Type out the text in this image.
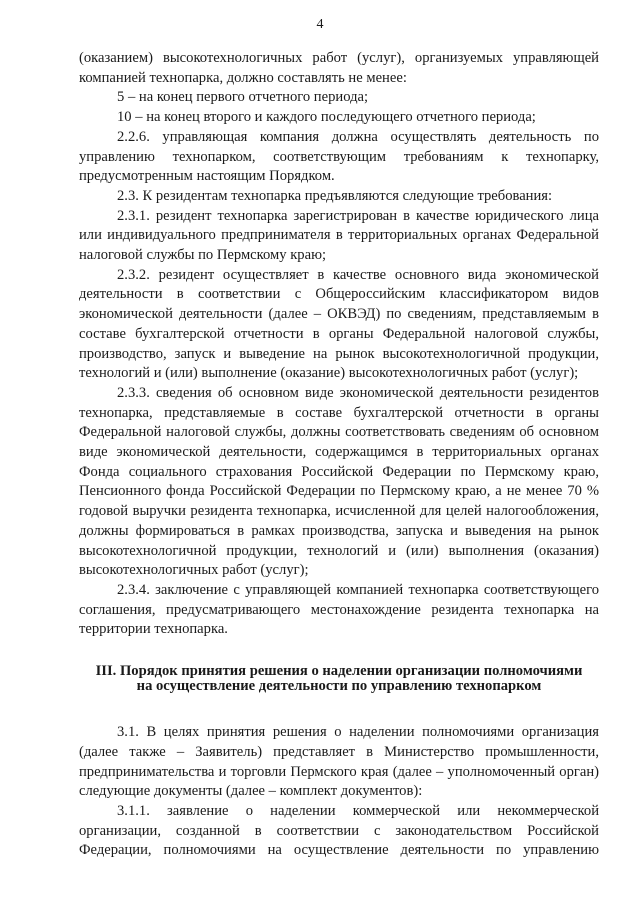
4

(оказанием) высокотехнологичных работ (услуг), организуемых управляющей компанией технопарка, должно составлять не менее:

5 – на конец первого отчетного периода;

10 – на конец второго и каждого последующего отчетного периода;

2.2.6. управляющая компания должна осуществлять деятельность по управлению технопарком, соответствующим требованиям к технопарку, предусмотренным настоящим Порядком.

2.3. К резидентам технопарка предъявляются следующие требования:

2.3.1. резидент технопарка зарегистрирован в качестве юридического лица или индивидуального предпринимателя в территориальных органах Федеральной налоговой службы по Пермскому краю;

2.3.2. резидент осуществляет в качестве основного вида экономической деятельности в соответствии с Общероссийским классификатором видов экономической деятельности (далее – ОКВЭД) по сведениям, представляемым в составе бухгалтерской отчетности в органы Федеральной налоговой службы, производство, запуск и выведение на рынок высокотехнологичной продукции, технологий и (или) выполнение (оказание) высокотехнологичных работ (услуг);

2.3.3. сведения об основном виде экономической деятельности резидентов технопарка, представляемые в составе бухгалтерской отчетности в органы Федеральной налоговой службы, должны соответствовать сведениям об основном виде экономической деятельности, содержащимся в территориальных органах Фонда социального страхования Российской Федерации по Пермскому краю, Пенсионного фонда Российской Федерации по Пермскому краю, а не менее 70 % годовой выручки резидента технопарка, исчисленной для целей налогообложения, должны формироваться в рамках производства, запуска и выведения на рынок высокотехнологичной продукции, технологий и (или) выполнения (оказания) высокотехнологичных работ (услуг);

2.3.4. заключение с управляющей компанией технопарка соответствующего соглашения, предусматривающего местонахождение резидента технопарка на территории технопарка.

III. Порядок принятия решения о наделении организации полномочиями
на осуществление деятельности по управлению технопарком

3.1. В целях принятия решения о наделении полномочиями организация (далее также – Заявитель) представляет в Министерство промышленности, предпринимательства и торговли Пермского края (далее – уполномоченный орган) следующие документы (далее – комплект документов):

3.1.1. заявление о наделении коммерческой или некоммерческой организации, созданной в соответствии с законодательством Российской Федерации, полномочиями на осуществление деятельности по управлению
